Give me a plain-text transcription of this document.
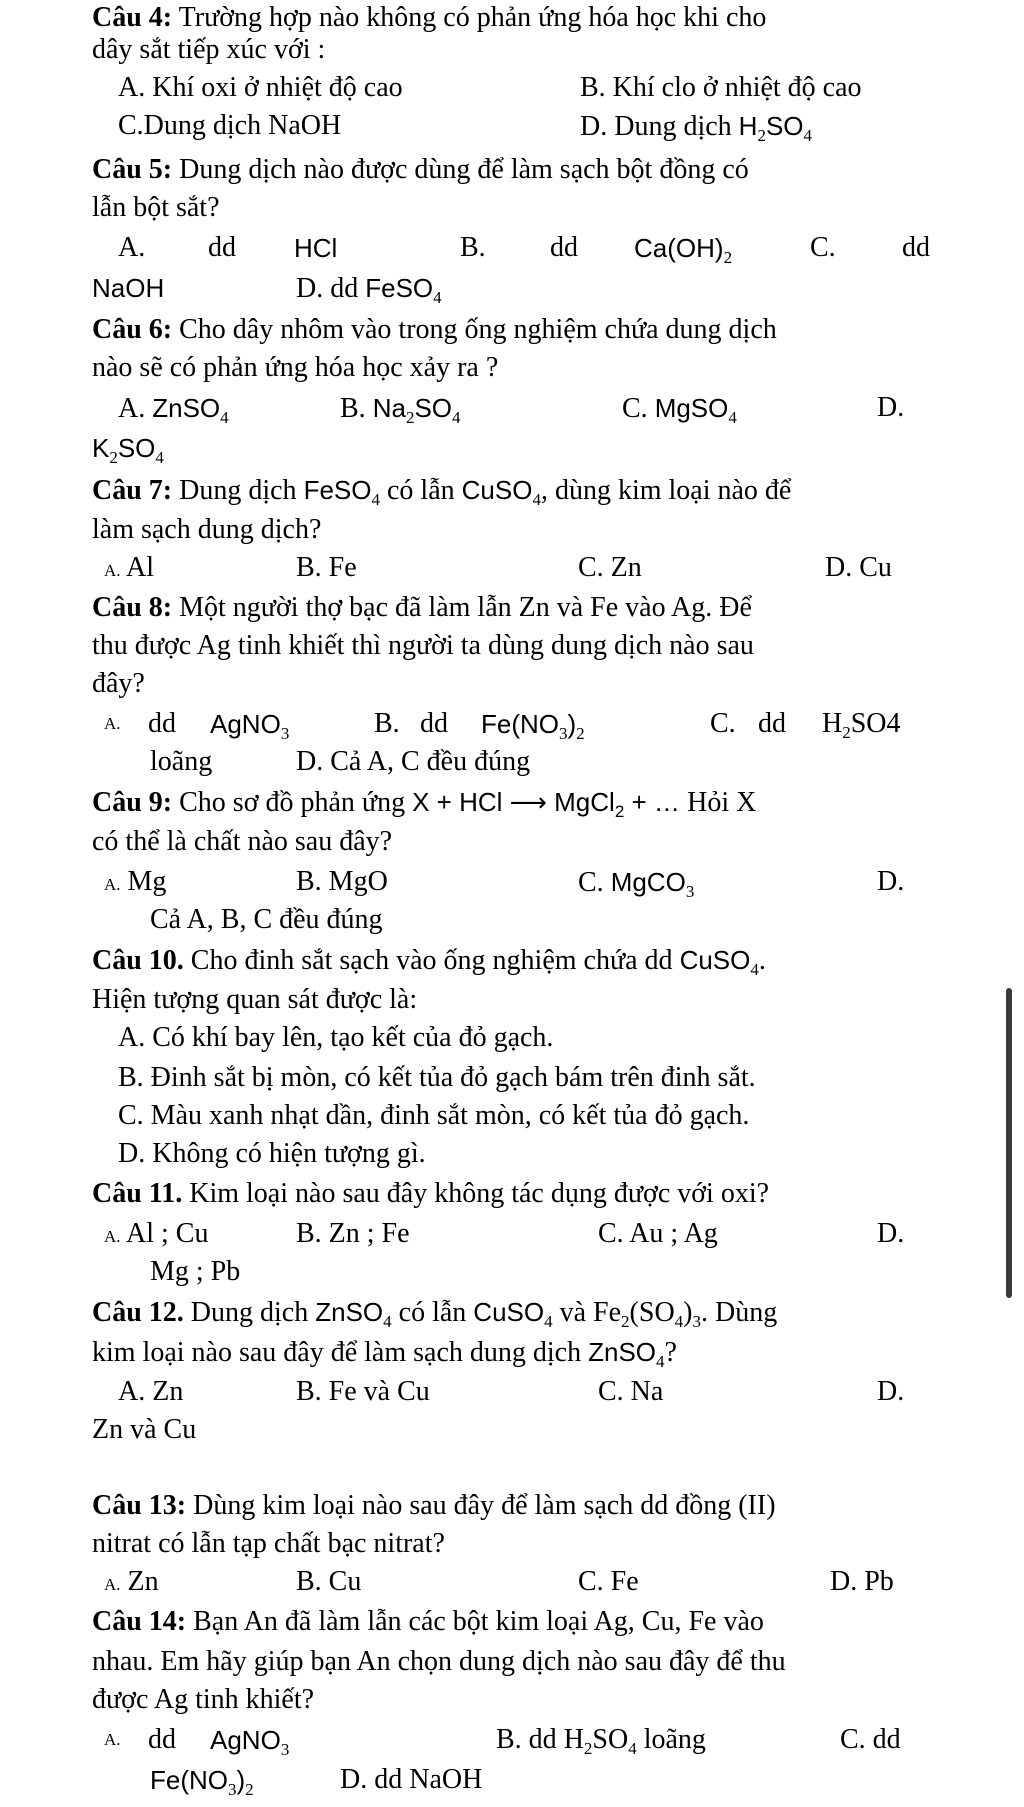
Câu 4: Trường hợp nào không có phản ứng hóa học khi cho
dây sắt tiếp xúc với :
A. Khí oxi ở nhiệt độ cao	B. Khí clo ở nhiệt độ cao
C.Dung dịch NaOH	D. Dung dịch $H_2SO_4$
Câu 5: Dung dịch nào được dùng để làm sạch bột đồng có
lẫn bột sắt?
A. dd HCl	B. dd $Ca(OH)_2$	C. dd
NaOH	D. dd FeSO$_4$
Câu 6: Cho dây nhôm vào trong ống nghiệm chứa dung dịch
nào sẽ có phản ứng hóa học xảy ra ?
A. ZnSO$_4$	B. $Na_2SO_4$	C. MgSO$_4$	D.
$K_2SO_4$
Câu 7: Dung dịch FeSO$_4$ có lẫn CuSO$_4$, dùng kim loại nào để
làm sạch dung dịch?
A. Al	B. Fe	C. Zn	D. Cu
Câu 8: Một người thợ bạc đã làm lẫn Zn và Fe vào Ag. Để
thu được Ag tinh khiết thì người ta dùng dung dịch nào sau
đây?
A. dd AgNO$_3$	B. dd $Fe(NO_3)_2$	C. dd $H_2SO4$
loãng	D. Cả A, C đều đúng
Câu 9: Cho sơ đồ phản ứng X + HCl ⟶ MgCl$_2$ + … Hỏi X
có thể là chất nào sau đây?
A. Mg	B. MgO	C. MgCO$_3$	D.
Cả A, B, C đều đúng
Câu 10. Cho đinh sắt sạch vào ống nghiệm chứa dd CuSO$_4$.
Hiện tượng quan sát được là:
A. Có khí bay lên, tạo kết của đỏ gạch.
B. Đinh sắt bị mòn, có kết tủa đỏ gạch bám trên đinh sắt.
C. Màu xanh nhạt dần, đinh sắt mòn, có kết tủa đỏ gạch.
D. Không có hiện tượng gì.
Câu 11. Kim loại nào sau đây không tác dụng được với oxi?
A. Al ; Cu	B. Zn ; Fe	C. Au ; Ag	D.
Mg ; Pb
Câu 12. Dung dịch ZnSO$_4$ có lẫn CuSO$_4$ và $Fe_2(SO_4)_3$. Dùng
kim loại nào sau đây để làm sạch dung dịch ZnSO$_4$?
A. Zn	B. Fe và Cu	C. Na	D.
Zn và Cu
Câu 13: Dùng kim loại nào sau đây để làm sạch dd đồng (II)
nitrat có lẫn tạp chất bạc nitrat?
A. Zn	B. Cu	C. Fe	D. Pb
Câu 14: Bạn An đã làm lẫn các bột kim loại Ag, Cu, Fe vào
nhau. Em hãy giúp bạn An chọn dung dịch nào sau đây để thu
được Ag tinh khiết?
A. dd AgNO$_3$	B. dd $H_2SO_4$ loãng	C. dd
$Fe(NO_3)_2$	D. dd NaOH
